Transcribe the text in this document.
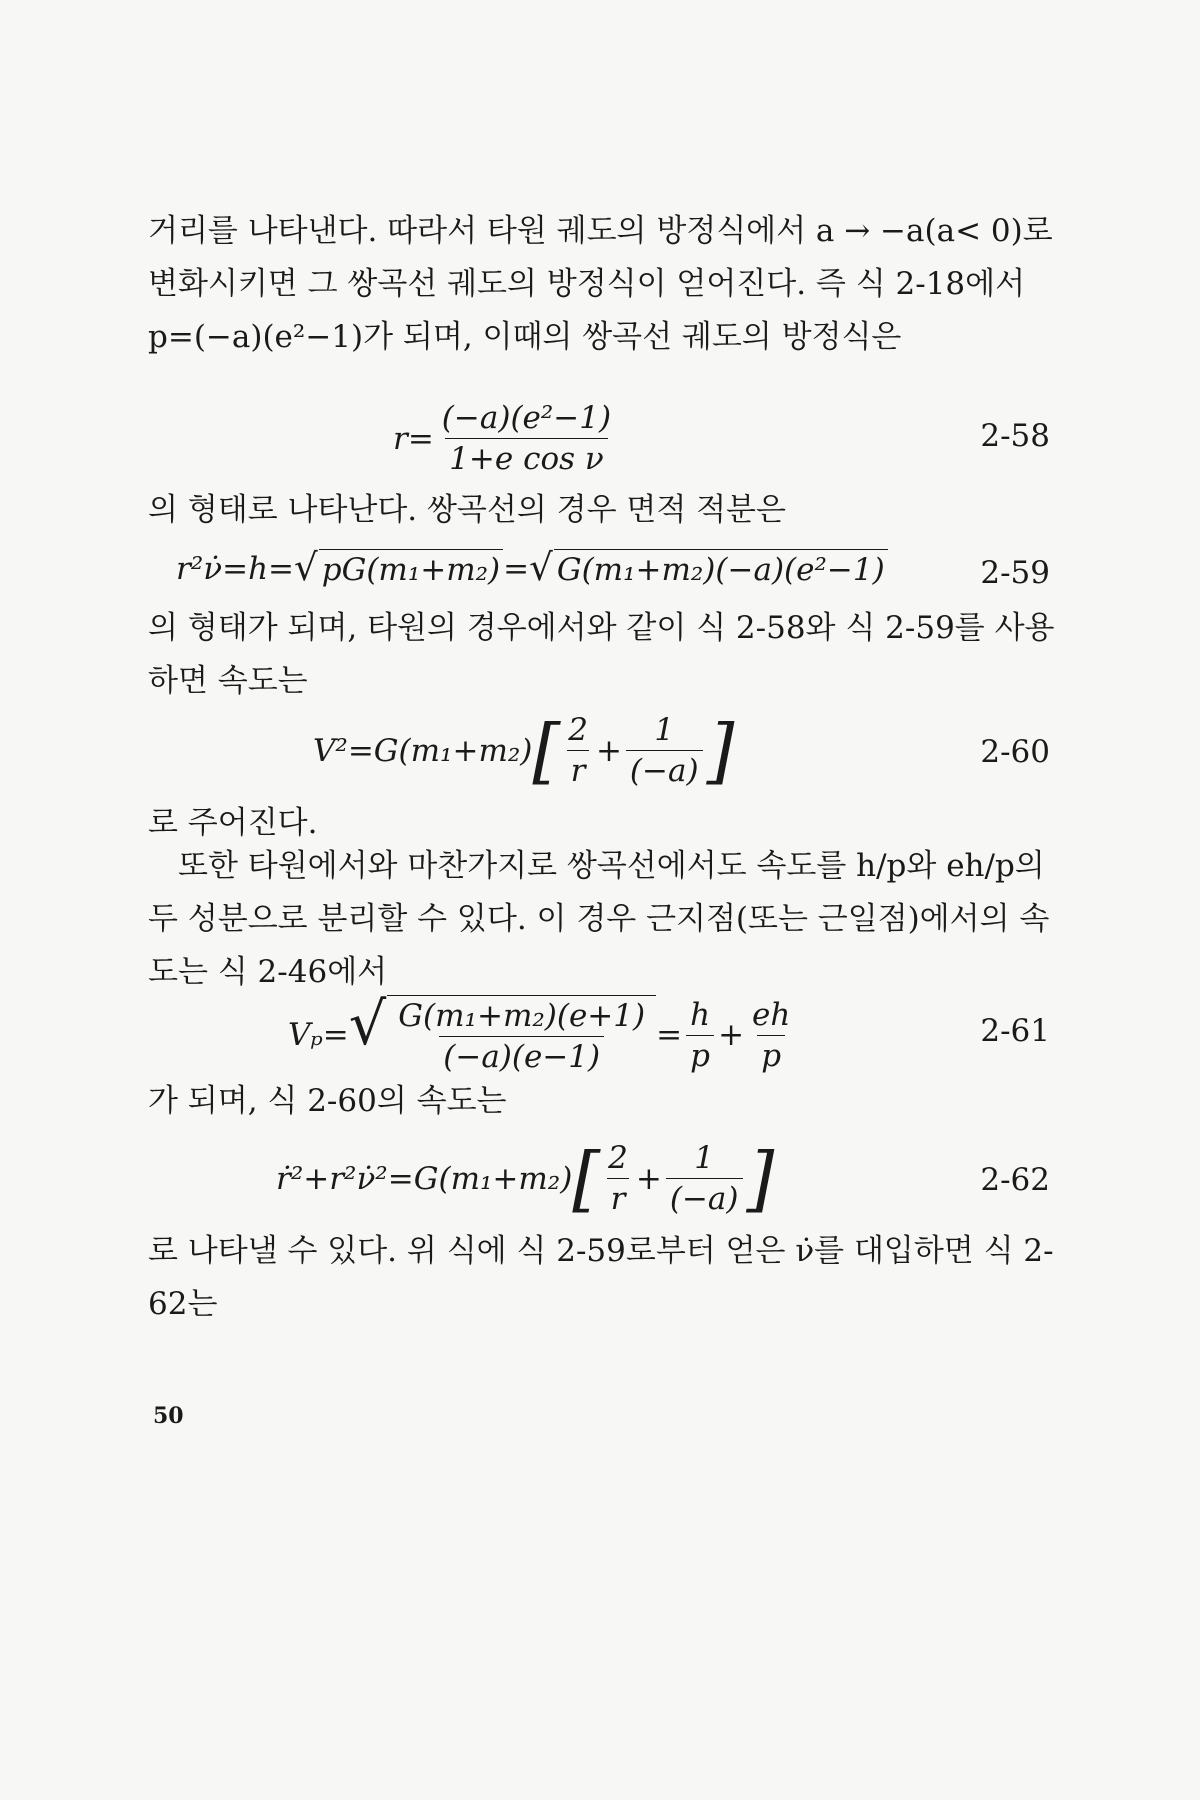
거리를 나타낸다. 따라서 타원 궤도의 방정식에서 a → −a(a< 0)로 변화시키면 그 쌍곡선 궤도의 방정식이 얻어진다. 즉 식 2-18에서 p=(−a)(e²−1)가 되며, 이때의 쌍곡선 궤도의 방정식은
$r= \frac{\text{(−a)(e²−1)}}{\text{1+e cos ν}}$	2-58
의 형태로 나타난다. 쌍곡선의 경우 면적 적분은
r²ν̇=h= √ pG(m₁+m₂) = √ G(m₁+m₂)(−a)(e²−1)	2-59
의 형태가 되며, 타원의 경우에서와 같이 식 2-58와 식 2-59를 사용하면 속도는
V²=G(m₁+m₂) [ $\frac{2}{r} + \frac{1}{(-a)}$ ]	2-60
로 주어진다.
또한 타원에서와 마찬가지로 쌍곡선에서도 속도를 h/p와 eh/p의 두 성분으로 분리할 수 있다. 이 경우 근지점(또는 근일점)에서의 속도는 식 2-46에서
Vₚ= √ $\frac{\text{G(m₁+m₂)(e+1)}}{(-a)(e-1)} = \frac{h}{p} + \frac{eh}{p}$	2-61
가 되며, 식 2-60의 속도는
ṙ²+r²ν̇²=G(m₁+m₂) [ $\frac{2}{r} + \frac{1}{(-a)}$ ]	2-62
로 나타낼 수 있다. 위 식에 식 2-59로부터 얻은 ν̇를 대입하면 식 2-62는
50
